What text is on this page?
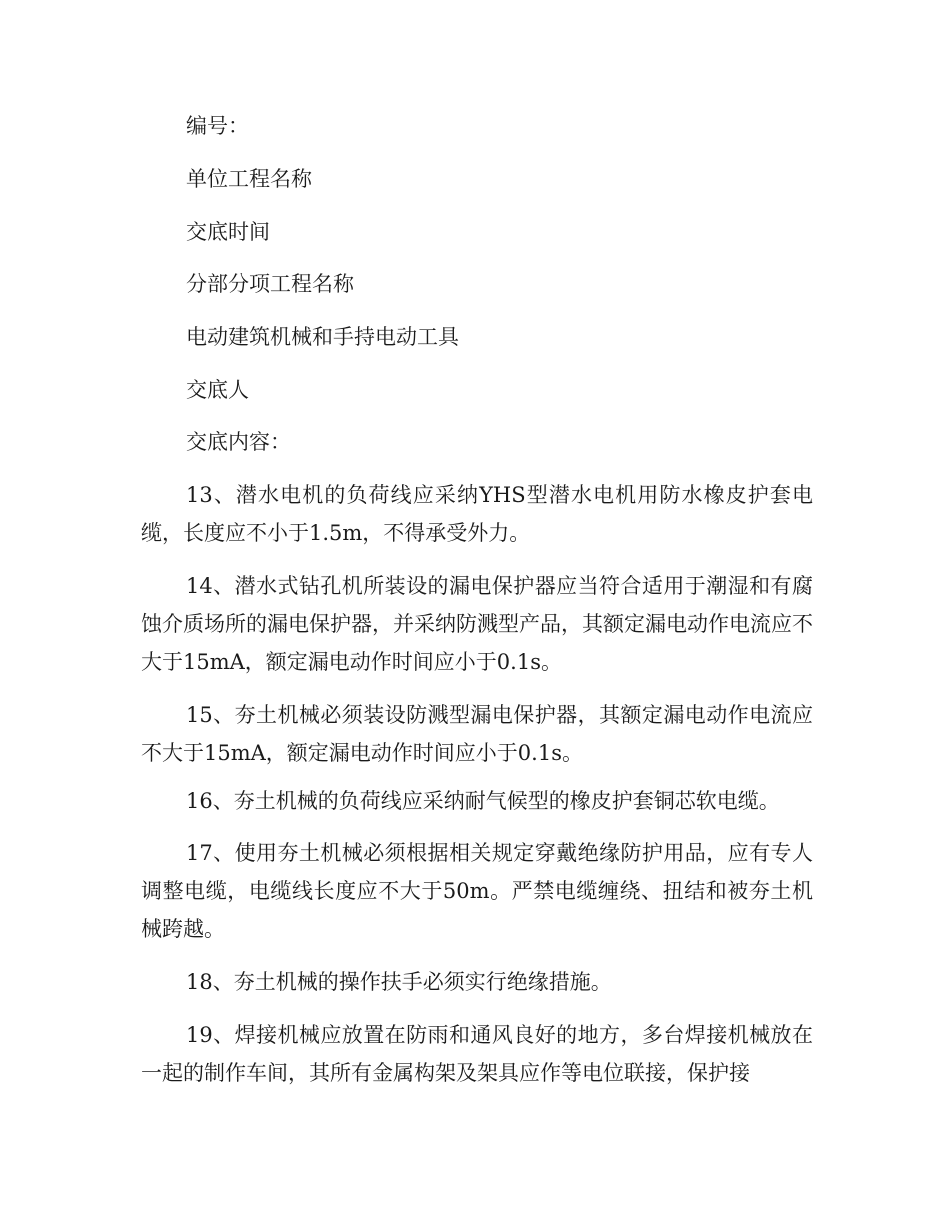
编号：

单位工程名称

交底时间

分部分项工程名称

电动建筑机械和手持电动工具

交底人

交底内容：

13、潜水电机的负荷线应采纳YHS型潜水电机用防水橡皮护套电缆，长度应不小于1.5m，不得承受外力。

14、潜水式钻孔机所装设的漏电保护器应当符合适用于潮湿和有腐蚀介质场所的漏电保护器，并采纳防溅型产品，其额定漏电动作电流应不大于15mA，额定漏电动作时间应小于0.1s。

15、夯土机械必须装设防溅型漏电保护器，其额定漏电动作电流应不大于15mA，额定漏电动作时间应小于0.1s。

16、夯土机械的负荷线应采纳耐气候型的橡皮护套铜芯软电缆。

17、使用夯土机械必须根据相关规定穿戴绝缘防护用品，应有专人调整电缆，电缆线长度应不大于50m。严禁电缆缠绕、扭结和被夯土机械跨越。

18、夯土机械的操作扶手必须实行绝缘措施。

19、焊接机械应放置在防雨和通风良好的地方，多台焊接机械放在一起的制作车间，其所有金属构架及架具应作等电位联接，保护接
